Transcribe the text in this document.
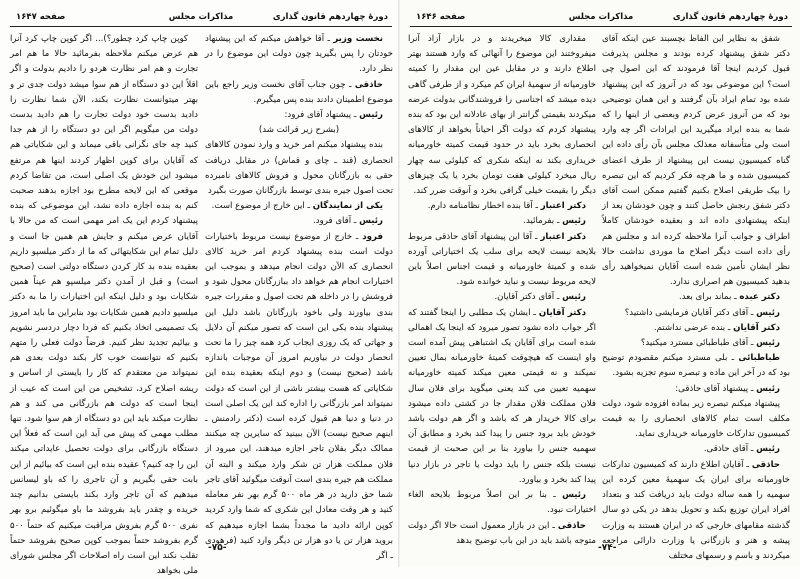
دورهٔ چهاردهم قانون گذاری
مذاکرات مجلس
صفحه ۱۶۴۷

نخست وزیر ـ آقا خواهش میکنم که این پیشنهاد خودتان را پس بگیرید چون دولت این موضوع را در نظر دارد.

حاذقی ـ چون جناب آقای نخست وزیر راجع باین موضوع اطمینان دادند بنده پس میگیرم.

رئیس ـ پیشنهاد آقای فرود:

(بشرح زیر قرائت شد)

بنده پیشنهاد میکنم امر خرید و وارد نمودن کالاهای انحصاری (قند ـ چای و قماش) در مقابل دریافت حقی به بازرگانان محول و فروش کالاهای نامبرده تحت اصول جیره بندی توسط بازرگانان صورت بگیرد

یکی از نمایندگان ـ این خارج از موضوع است.

رئیس ـ آقای فرود.

فرود ـ خارج از موضوع نیست مربوط باختیارات دولت است بنده پیشنهاد کردم امر خرید کالای انحصاری که الآن دولت انجام میدهد و بموجب این اختیارات انجام هم خواهد داد ببازرگانان محول شود و فروشش را در داخله هم تحت اصول و مقررات جیره بندی بیاورند ولی باخود بازرگانان باشد دلیل این پیشنهاد بنده یکی این است که تصور میکنم آن دلایل و جهاتی که یک روزی ایجاب کرد همه چیز را ما تحت انحصار دولت در بیاوریم امروز آن موجبات باندازه باشد (صحیح نیست) و دوم اینکه بعقیده بنده این شکایاتی که هست بیشتر ناشی از این است که دولت نمیتواند امر بازرگانی را اداره کند این یک اصلی است در دنیا و دنیا هم قبول کرده است (دکتر رادمنش ـ اینهم صحیح نیست) الآن ببینید که سایرین چه میکنند ممالک دیگر بفلان تاجر اجازه میدهند، این میرود از فلان مملکت هزار تن شکر وارد میکند و البته آن مملکت هم جیره بندی است آنوقت میگوئید آقای تاجر شما حق دارید در هر ماه ۵۰۰ گرم بهر نفر معامله کنید و هر وقت معادل این شکری که شما وارد کردید کوپن ارائه دادید ما مجدداً بشما اجازه میدهیم که بروید هزار تن یا دو هزار تن دیگر وارد کنید (فرهودی ـ اگر

کوپن چاپ کرد چطور؟)... اگر کوپن چاپ کرد آنرا هم عرض میکنم ملاحظه بفرمائید حالا ما هم امر تجارت و هم امر نظارت هردو را دادیم بدولت و اگر اقلاً این دو دستگاه از هم سوا میشد دولت جدی تر و بهتر میتوانست نظارت بکند، الآن شما نظارت را دادید بدست خود دولت تجارت را هم دادید بدست دولت من میگویم اگر این دو دستگاه را از هم جدا کنید چه جای نگرانی باقی میماند و این شکایاتی هم که آقایان برای کوپن اظهار کردند اینها هم مرتفع میشود این خودش یک اصلی است، من تقاضا کردم موقعی که این لایحه مطرح بود اجازه بدهند صحبت کنم به بنده اجازه داده نشد، این موضوعی که بنده پیشنهاد کردم این یک امر مهمی است که من حالا با آقایان عرض میکنم و جایش هم همین جا است و دلیل تمام این شکایتهائی که ما از دکتر میلسپو داریم بعقیده بنده بد کار کردن دستگاه دولتی است (صحیح است) و قبل از آمدن دکتر میلسپو هم عیناً همین شکایات بود و دلیل اینکه این اختیارات را ما به دکتر میلسپو دادیم همین شکایات بود بنابراین ما باید امروز یک تصمیمی اتخاذ بکنیم که فردا دچار دردسر نشویم و بیائیم تجدید نظر کنیم. فرضاً دولت فعلی را متهم بکنیم که نتوانست خوب کار بکند دولت بعدی هم نمیتواند من معتقدم که کار را بایستی از اساس و ریشه اصلاح کرد، تشخیص من این است که عیب از اینجا است که دولت هم بازرگانی می کند و هم نظارت میکند باید این دو دستگاه از هم سوا شود. تنها مطلب مهمی که پیش می آید این است که فعلاً این دستگاه بازرگانی برای دولت تحصیل عایداتی میکند این را چه کنیم؟ عقیده بنده این است که بیائیم از این بابت حقی بگیریم و آن تاجری را که باو لیسانس میدهیم که آن تاجر وارد بکند بایستی بدانیم چند خریده و چقدر باید بفروشد ما باو میگوئیم برو بهر نفری ۵۰۰ گرم بفروش مراقبت میکنیم که حتماً ۵۰۰ گرم بفروشد حتماً بموجب کوپن صحیح بفروشد حتماً تقلب نکند این است راه اصلاحات اگر مجلس شورای ملی بخواهد

-۷۵-
دورهٔ چهاردهم قانون گذاری
مذاکرات مجلس
صفحه ۱۶۴۶

شفق به نظایر این الفاظ بچسبند عین اینکه آقای دکتر شفق پیشنهاد کرده بودند و مجلس پذیرفت قبول کردیم اینجا آقا فرمودند که این اصول چی است؟ این موضوعی بود که در آنروز که این پیشنهاد شده بود تمام ایراد بآن گرفتند و این همان توضیحی بود که من آنروز عرض کردم وبعضی از اینها را که شما به بنده ایراد میگیرید این ایرادات اگر چه وارد است ولی متأسفانه معذلک مجلس بآن رأی داده این گناه کمیسیون نیست این پیشنهاد از طرف اعضای کمیسیون شده و ما هرچه فکر کردیم که این تبصره را بیک طریقی اصلاح بکنیم گفتیم ممکن است آقای دکتر شفق رنجش حاصل کنند و چون خودشان بعد از اینکه پیشنهادی داده اند و بعقیده خودشان کاملاً اطراف و جوانب آنرا ملاحظه کرده اند و مجلس هم رأی داده است دیگر اصلاح ما موردی نداشت حالا نظر ایشان تأمین شده است آقایان نمیخواهید رأی بدهید کمیسیون هم اصراری ندارد.

دکتر عبده ـ بماند برای بعد.

رئیس ـ آقای دکتر آقایان فرمایشی داشتید؟

دکتر آقایان ـ بنده عرضی نداشتم.

رئیس ـ آقای طباطبائی مسترد میکنید؟

طباطبائی ـ بلی مسترد میکنم مقصودم توضیح بود که در آخر این ماده و تبصره سوم تجزیه بشود.

رئیس ـ پیشنهاد آقای حاذقی:

پیشنهاد میکنم تبصره زیر بماده افزوده شود، دولت مکلف است تمام کالاهای انحصاری را به قیمت کمیسیون تدارکات خاورمیانه خریداری نماید.

رئیس ـ آقای حاذقی.

حاذقی ـ آقایان اطلاع دارند که کمیسیون تدارکات خاورمیانه برای ایران یک سهمیهٔ معین کرده این سهمیه را همه ساله دولت باید دریافت کند و بتعداد افراد ایران توزیع بکند و تحویل بدهد در یکی دو سال گذشته مقامهای خارجی که در ایران هستند به وزارت پیشه و هنر و بازرگانی یا وزارت دارائی مراجعه میکردند و باسم و رسمهای مختلف

مقداری کالا میخریدند و در بازار آزاد آنرا میفروختند این موضوع را آنهائی که وارد هستند بهتر اطلاع دارند و در مقابل عین این مقدار را کمیته خاورمیانه از سهمیهٔ ایران کم میکرد و از طرفی گاهی دیده میشد که اجناسی را فروشندگانی بدولت عرضه میکردند بقیمتی گرانتر از بهای عادلانه این بود که بنده پیشنهاد کردم که دولت اگر احیاناً بخواهد از کالاهای انحصاری بخرد باید در حدود قیمت کمیته خاورمیانه خریداری بکند نه اینکه شکری که کیلوئی سه چهار ریال میخرد کیلوئی هفت تومان بخرد یا یک چیزهای دیگر را بقیمت خیلی گرافی بخرد و آنوقت ضرر کند.

دکتر اعتبار ـ آقا بنده اخطار نظامنامه دارم.

رئیس ـ بفرمائید.

دکتر اعتبار ـ آقا این پیشنهاد آقای حاذقی مربوط بلایحه نیست لایحه برای سلب یک اختیاراتی آورده شده و کمیتهٔ خاورمیانه و قیمت اجناس اصلاً باین لایحه مربوط نیست و نباید خوانده شود.

رئیس ـ آقای دکتر آقایان.

دکتر آقایان ـ ایشان یک مطلبی را اینجا گفتند که اگر جواب داده نشود تصور میرود که اینجا یک اهمالی شده است برای آقایان یک اشتباهی پیش آمده است واو اینست که هیچوقت کمیتهٔ خاورمیانه بمال تعیین نمیکند و نه قیمتی معین میکند کمیته خاورمیانه سهمیه تعیین می کند یعنی میگوید برای فلان سال فلان مملکت فلان مقدار جا در کشتی داده میشود برای کالا خریدار هر که باشد و اگر هم دولت باشد خودش باید برود جنس را پیدا کند بخرد و مطابق آن سهمیه جنس را بیاورد بنا بر این صحبت از قیمت نیست بلکه جنس را باید دولت یا تاجر در بازار دنیا پیدا کند بخرد و بیاورد.

رئیس ـ بنا بر این اصلاً مربوط بلایحه الغاء اختیارات نبود.

حاذقی ـ این در بازار معمول است حالا اگر دولت متوجه باشد باید در این باب توضیح بدهد

-۷۴-
